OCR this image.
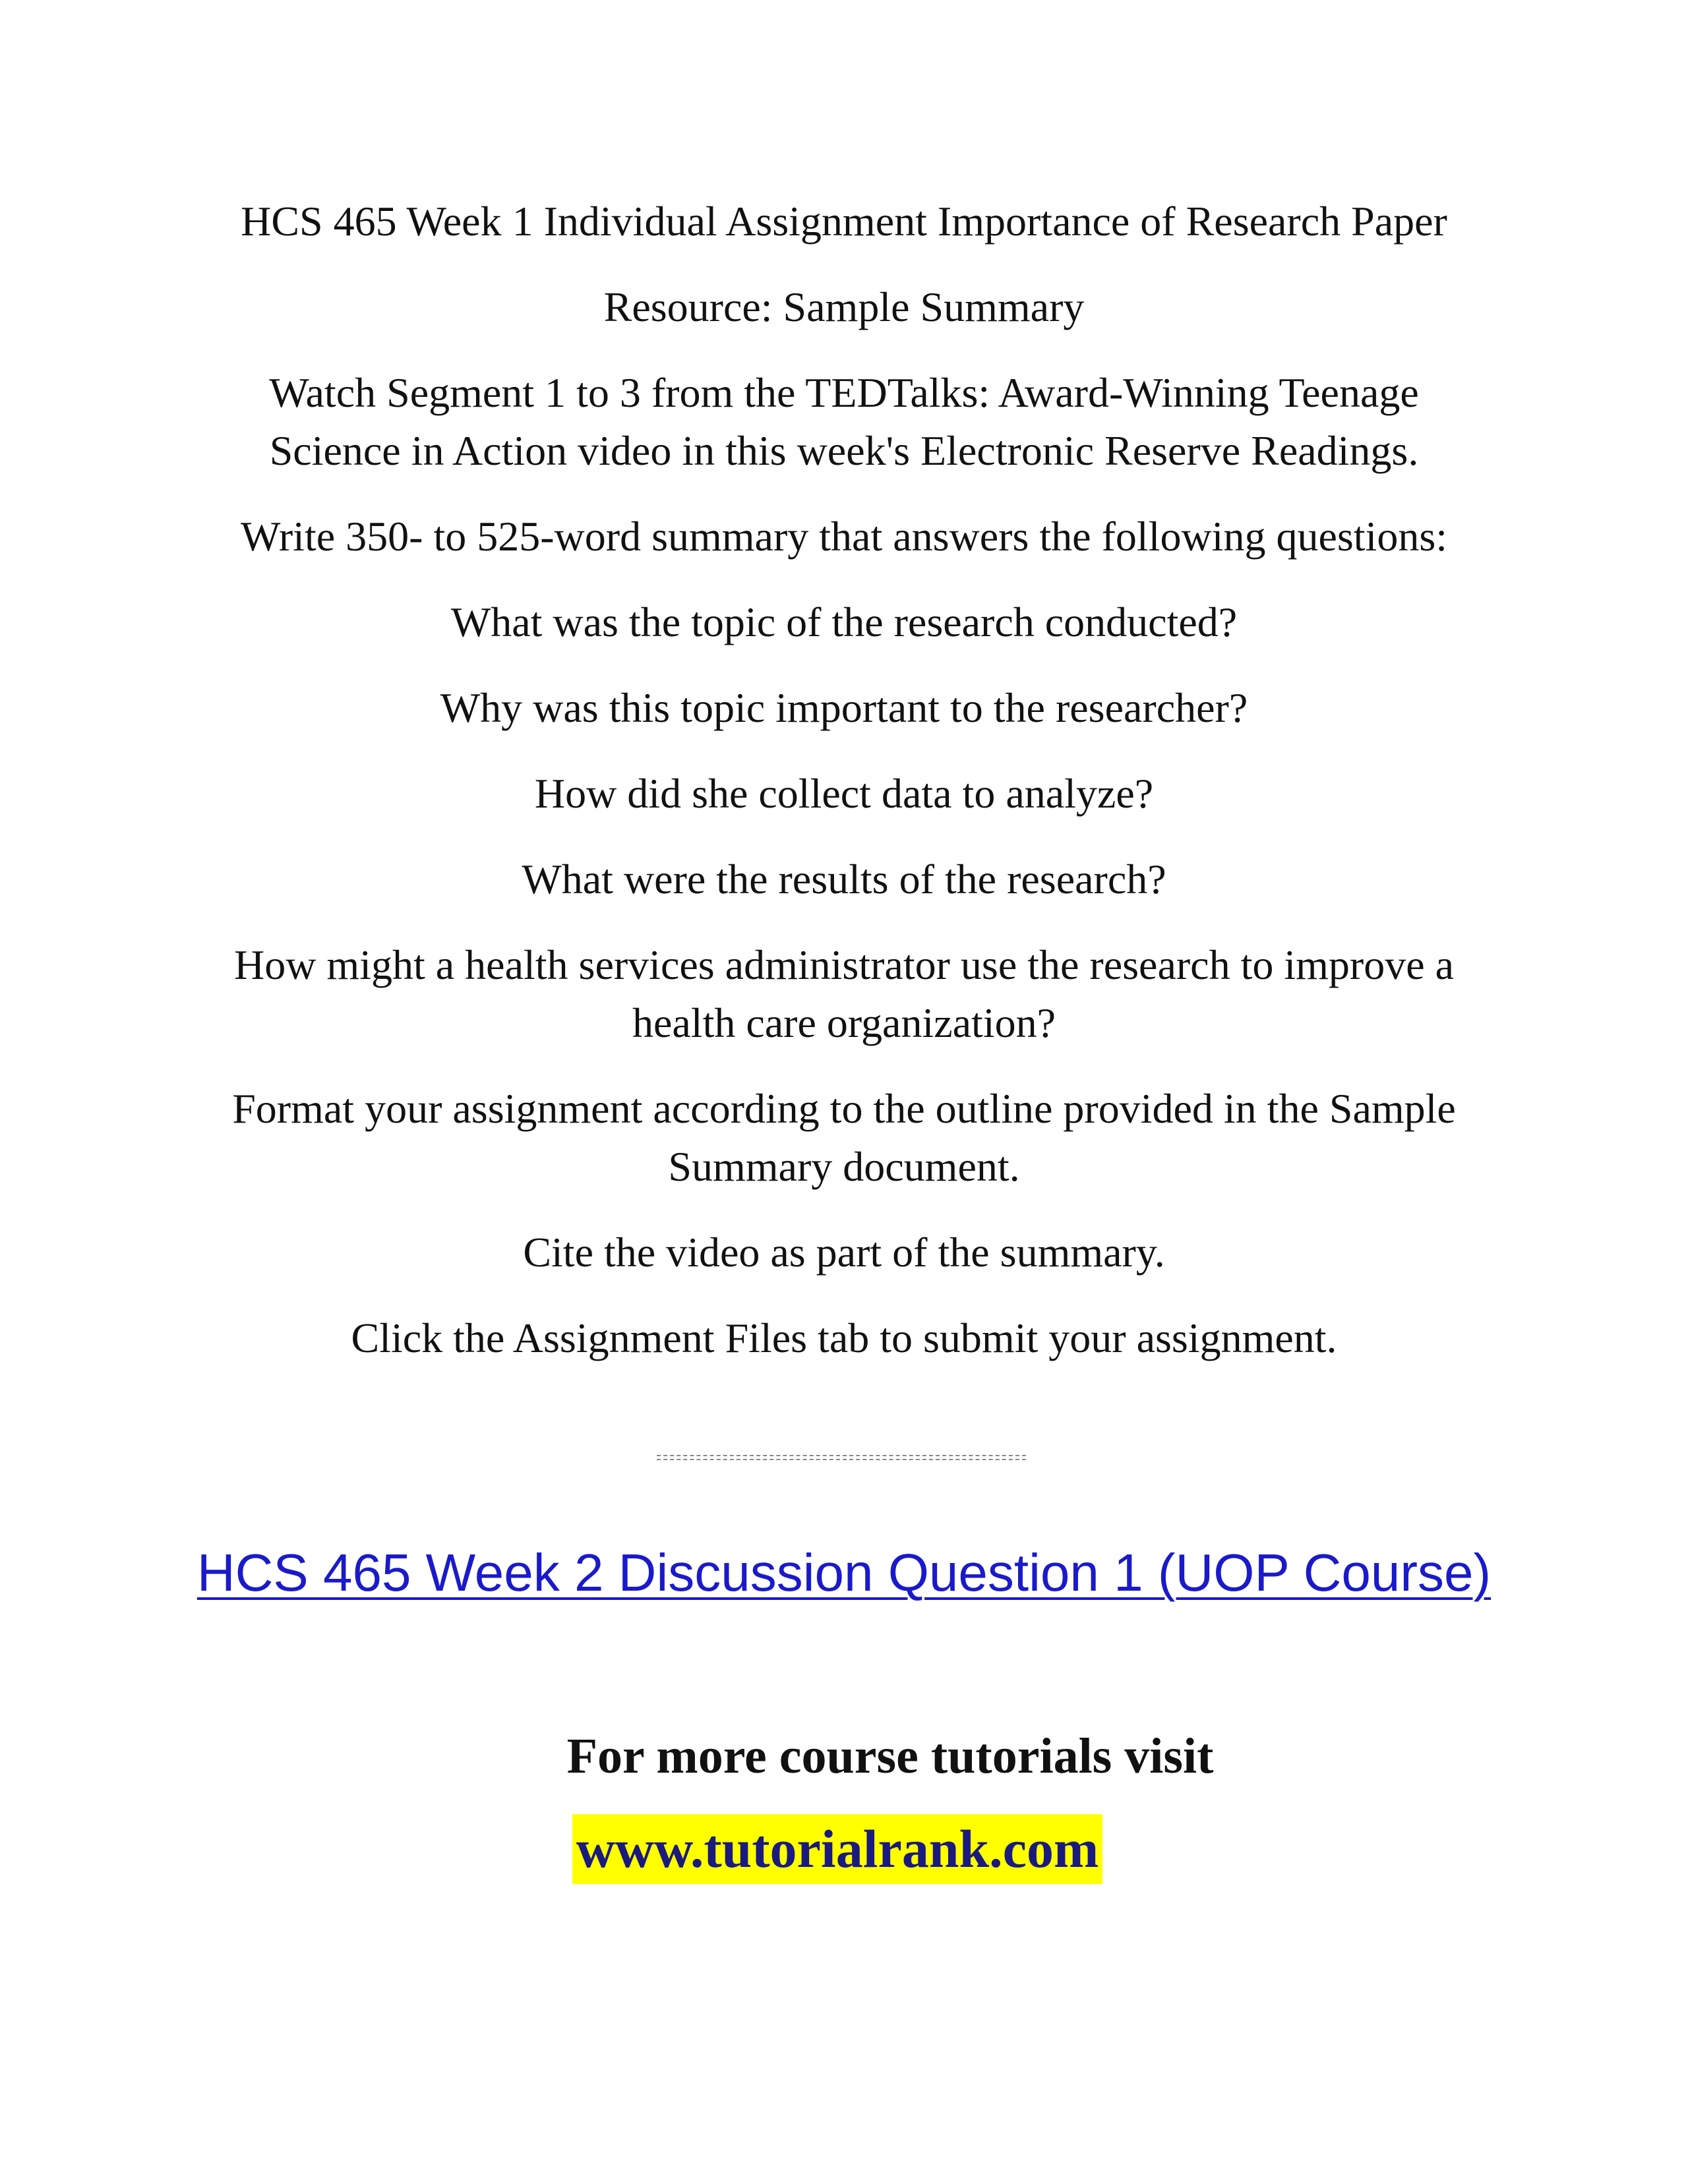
HCS 465 Week 1 Individual Assignment Importance of Research Paper
Resource: Sample Summary
Watch Segment 1 to 3 from the TEDTalks: Award-Winning Teenage
Science in Action video in this week's Electronic Reserve Readings.
Write 350- to 525-word summary that answers the following questions:
What was the topic of the research conducted?
Why was this topic important to the researcher?
How did she collect data to analyze?
What were the results of the research?
How might a health services administrator use the research to improve a
health care organization?
Format your assignment according to the outline provided in the Sample
Summary document.
Cite the video as part of the summary.
Click the Assignment Files tab to submit your assignment.
HCS 465 Week 2 Discussion Question 1 (UOP Course)
For more course tutorials visit
www.tutorialrank.com
